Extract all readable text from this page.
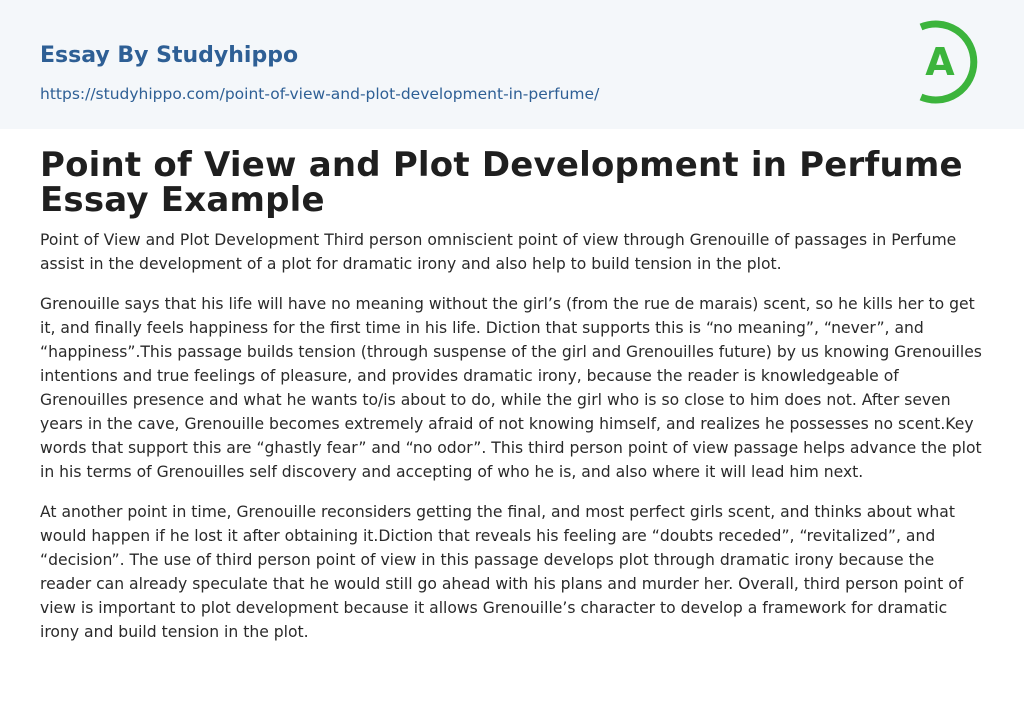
Essay By Studyhippo
https://studyhippo.com/point-of-view-and-plot-development-in-perfume/
A
Point of View and Plot Development in Perfume Essay Example

Point of View and Plot Development Third person omniscient point of view through Grenouille of passages in Perfume assist in the development of a plot for dramatic irony and also help to build tension in the plot.

Grenouille says that his life will have no meaning without the girl’s (from the rue de marais) scent, so he kills her to get it, and finally feels happiness for the first time in his life. Diction that supports this is “no meaning”, “never”, and “happiness”.This passage builds tension (through suspense of the girl and Grenouilles future) by us knowing Grenouilles intentions and true feelings of pleasure, and provides dramatic irony, because the reader is knowledgeable of Grenouilles presence and what he wants to/is about to do, while the girl who is so close to him does not. After seven years in the cave, Grenouille becomes extremely afraid of not knowing himself, and realizes he possesses no scent.Key words that support this are “ghastly fear” and “no odor”. This third person point of view passage helps advance the plot in his terms of Grenouilles self discovery and accepting of who he is, and also where it will lead him next.

At another point in time, Grenouille reconsiders getting the final, and most perfect girls scent, and thinks about what would happen if he lost it after obtaining it.Diction that reveals his feeling are “doubts receded”, “revitalized”, and “decision”. The use of third person point of view in this passage develops plot through dramatic irony because the reader can already speculate that he would still go ahead with his plans and murder her. Overall, third person point of view is important to plot development because it allows Grenouille’s character to develop a framework for dramatic irony and build tension in the plot.
